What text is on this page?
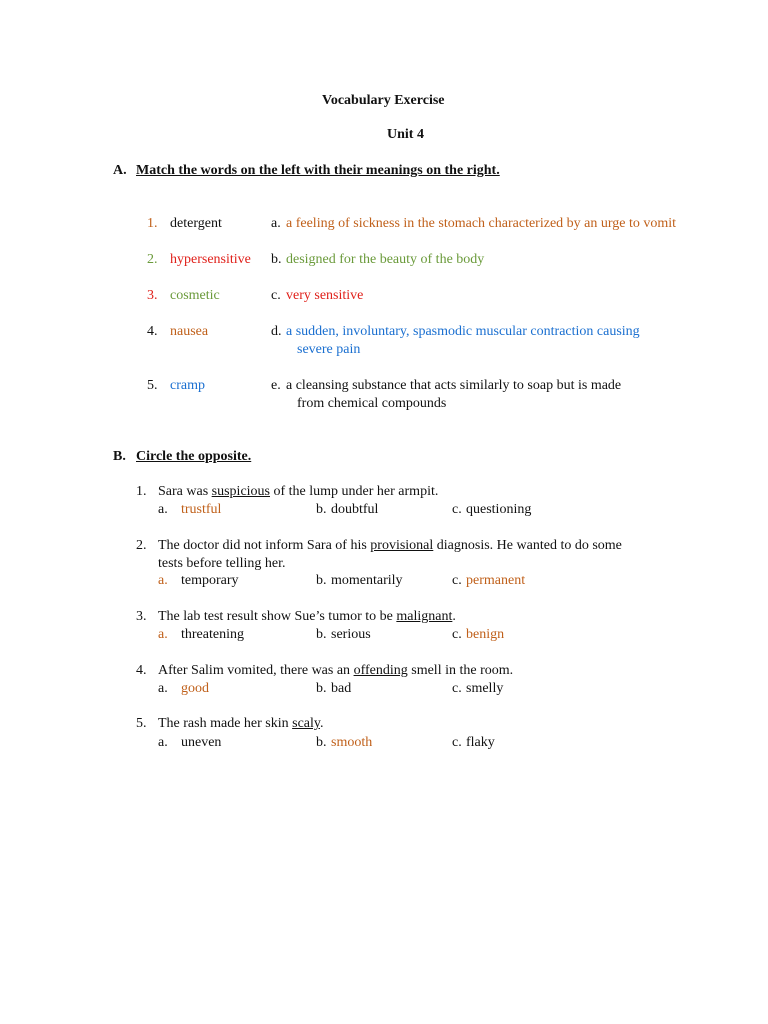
Vocabulary Exercise
Unit 4
A. Match the words on the left with their meanings on the right.
1. detergent	a. a feeling of sickness in the stomach characterized by an urge to vomit
2. hypersensitive b. designed for the beauty of the body
3. cosmetic	c. very sensitive
4. nausea	d. a sudden, involuntary, spasmodic muscular contraction causing
severe pain
5. cramp	e. a cleansing substance that acts similarly to soap but is made
from chemical compounds
B. Circle the opposite.
1. Sara was suspicious of the lump under her armpit.
a. trustful	b. doubtful	c. questioning
2. The doctor did not inform Sara of his provisional diagnosis. He wanted to do some
tests before telling her.
a. temporary	b. momentarily	c. permanent
3. The lab test result show Sue’s tumor to be malignant.
a. threatening	b. serious	c. benign
4. After Salim vomited, there was an offending smell in the room.
a. good	b. bad	c. smelly
5. The rash made her skin scaly.
a. uneven	b. smooth	c. flaky
